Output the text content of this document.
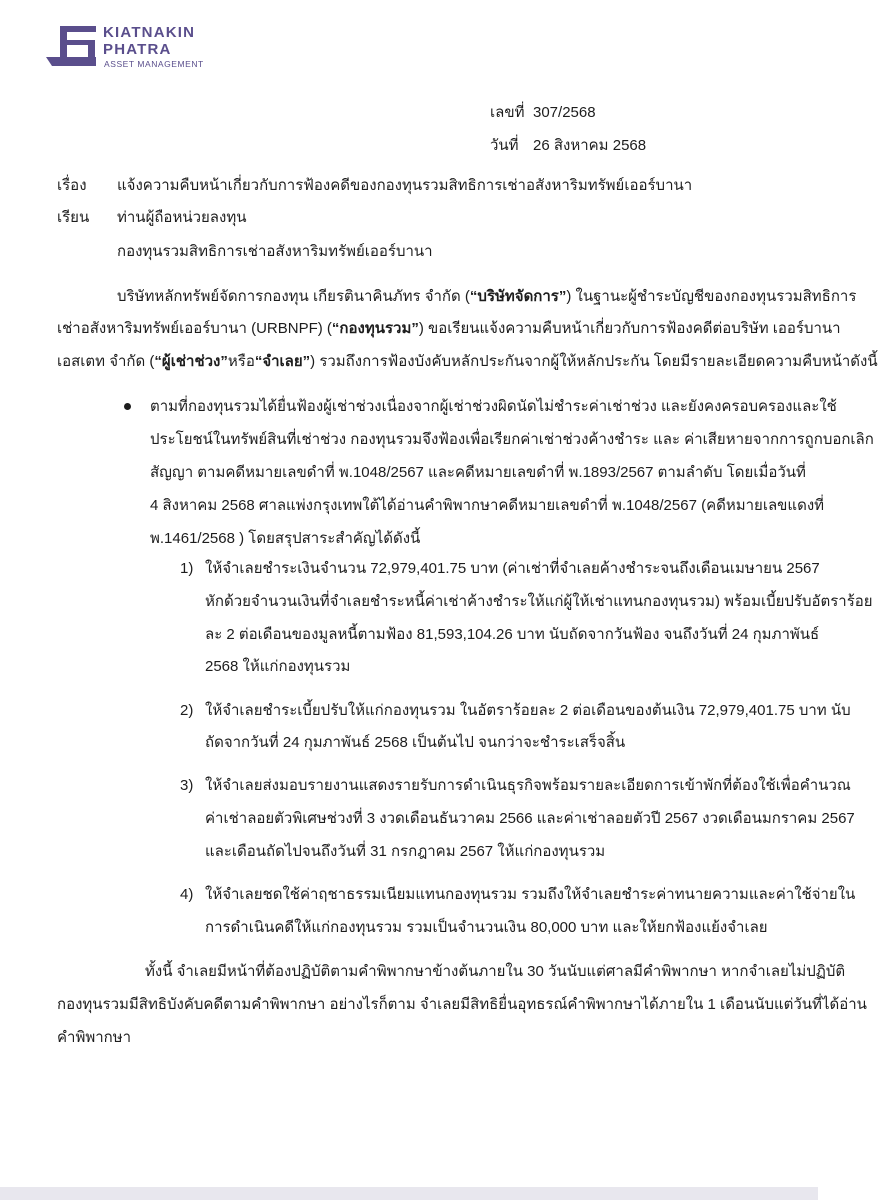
KIATNAKIN
PHATRA
ASSET MANAGEMENT
เลขที่ 307/2568
วันที่ 26 สิงหาคม 2568
เรื่อง แจ้งความคืบหน้าเกี่ยวกับการฟ้องคดีของกองทุนรวมสิทธิการเช่าอสังหาริมทรัพย์เออร์บานา
เรียน ท่านผู้ถือหน่วยลงทุน
กองทุนรวมสิทธิการเช่าอสังหาริมทรัพย์เออร์บานา
บริษัทหลักทรัพย์จัดการกองทุน เกียรตินาคินภัทร จำกัด (“บริษัทจัดการ”) ในฐานะผู้ชำระบัญชีของกองทุนรวมสิทธิการ
เช่าอสังหาริมทรัพย์เออร์บานา (URBNPF) (“กองทุนรวม”) ขอเรียนแจ้งความคืบหน้าเกี่ยวกับการฟ้องคดีต่อบริษัท เออร์บานา
เอสเตท จำกัด (“ผู้เช่าช่วง”หรือ“จำเลย”) รวมถึงการฟ้องบังคับหลักประกันจากผู้ให้หลักประกัน โดยมีรายละเอียดความคืบหน้าดังนี้
ตามที่กองทุนรวมได้ยื่นฟ้องผู้เช่าช่วงเนื่องจากผู้เช่าช่วงผิดนัดไม่ชำระค่าเช่าช่วง และยังคงครอบครองและใช้
ประโยชน์ในทรัพย์สินที่เช่าช่วง กองทุนรวมจึงฟ้องเพื่อเรียกค่าเช่าช่วงค้างชำระ และ ค่าเสียหายจากการถูกบอกเลิก
สัญญา ตามคดีหมายเลขดำที่ พ.1048/2567 และคดีหมายเลขดำที่ พ.1893/2567 ตามลำดับ โดยเมื่อวันที่
4 สิงหาคม 2568 ศาลแพ่งกรุงเทพใต้ได้อ่านคำพิพากษาคดีหมายเลขดำที่ พ.1048/2567 (คดีหมายเลขแดงที่
พ.1461/2568 ) โดยสรุปสาระสำคัญได้ดังนี้
1) ให้จำเลยชำระเงินจำนวน 72,979,401.75 บาท (ค่าเช่าที่จำเลยค้างชำระจนถึงเดือนเมษายน 2567
หักด้วยจำนวนเงินที่จำเลยชำระหนี้ค่าเช่าค้างชำระให้แก่ผู้ให้เช่าแทนกองทุนรวม) พร้อมเบี้ยปรับอัตราร้อย
ละ 2 ต่อเดือนของมูลหนี้ตามฟ้อง 81,593,104.26 บาท นับถัดจากวันฟ้อง จนถึงวันที่ 24 กุมภาพันธ์
2568 ให้แก่กองทุนรวม
2) ให้จำเลยชำระเบี้ยปรับให้แก่กองทุนรวม ในอัตราร้อยละ 2 ต่อเดือนของต้นเงิน 72,979,401.75 บาท นับ
ถัดจากวันที่ 24 กุมภาพันธ์ 2568 เป็นต้นไป จนกว่าจะชำระเสร็จสิ้น
3) ให้จำเลยส่งมอบรายงานแสดงรายรับการดำเนินธุรกิจพร้อมรายละเอียดการเข้าพักที่ต้องใช้เพื่อคำนวณ
ค่าเช่าลอยตัวพิเศษช่วงที่ 3 งวดเดือนธันวาคม 2566 และค่าเช่าลอยตัวปี 2567 งวดเดือนมกราคม 2567
และเดือนถัดไปจนถึงวันที่ 31 กรกฎาคม 2567 ให้แก่กองทุนรวม
4) ให้จำเลยชดใช้ค่าฤชาธรรมเนียมแทนกองทุนรวม รวมถึงให้จำเลยชำระค่าทนายความและค่าใช้จ่ายใน
การดำเนินคดีให้แก่กองทุนรวม รวมเป็นจำนวนเงิน 80,000 บาท และให้ยกฟ้องแย้งจำเลย
ทั้งนี้ จำเลยมีหน้าที่ต้องปฏิบัติตามคำพิพากษาข้างต้นภายใน 30 วันนับแต่ศาลมีคำพิพากษา หากจำเลยไม่ปฏิบัติ
กองทุนรวมมีสิทธิบังคับคดีตามคำพิพากษา อย่างไรก็ตาม จำเลยมีสิทธิยื่นอุทธรณ์คำพิพากษาได้ภายใน 1 เดือนนับแต่วันที่ได้อ่าน
คำพิพากษา
